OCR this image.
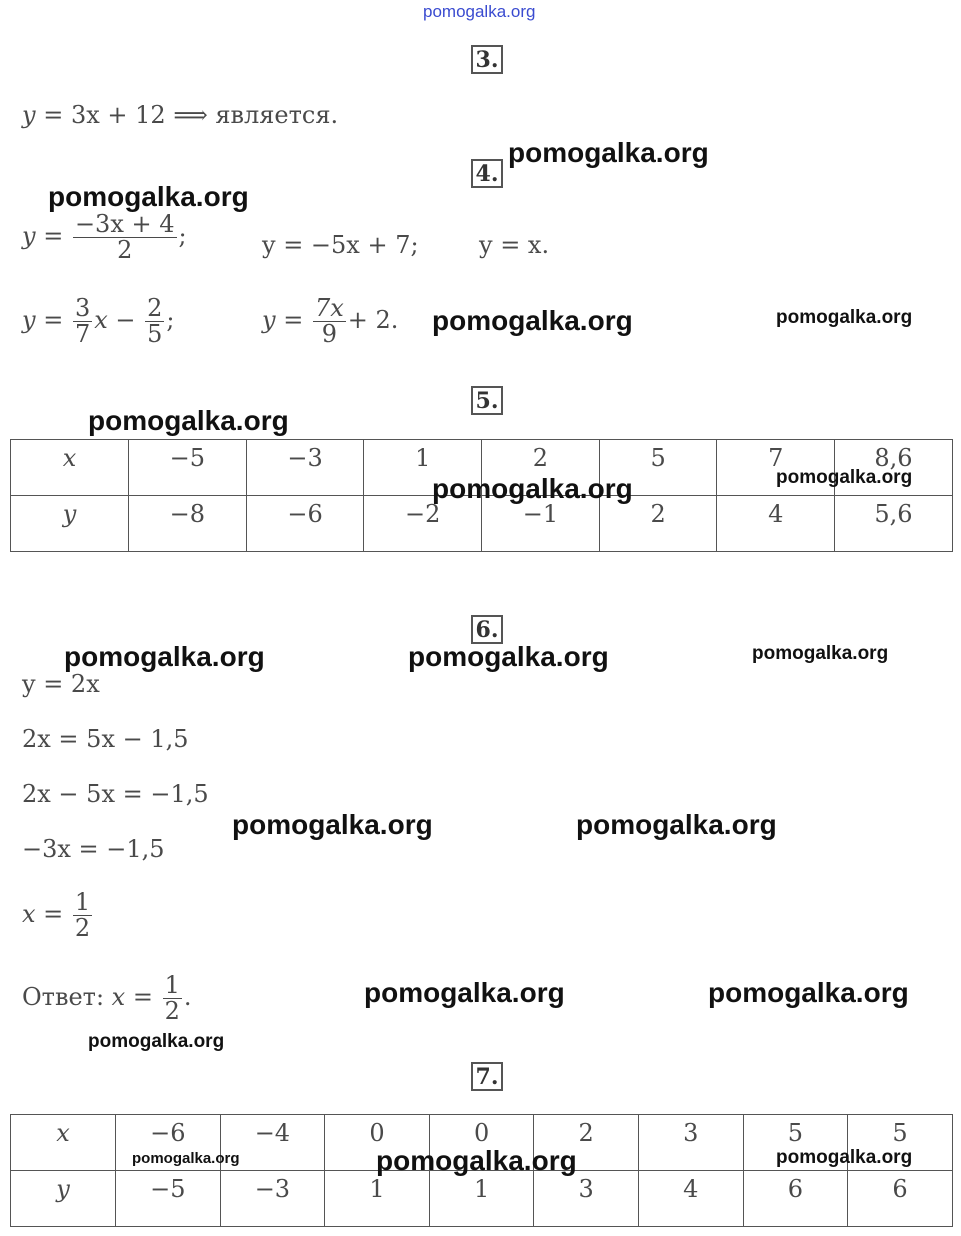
pomogalka.org
3.
y = 3x + 12 ⟹ является.
4.
$y = \frac{-3x + 4}{2}$ ;	y = −5x + 7;	y = x.
$y = \frac{3}{7}$ $x - \frac{2}{5}$ ;	$y = \frac{7x}{9} + 2$.
5.
x	−5	−3	1	2	5	7	8,6
y	−8	−6	−2	−1	2	4	5,6
6.
y = 2x
2x = 5x − 1,5
2x − 5x = −1,5
−3x = −1,5
$x = \frac{1}{2}$
Ответ: $x = \frac{1}{2}$ .
7.
x	−6	−4	0	0	2	3	5	5
y	−5	−3	1	1	3	4	6	6
pomogalka.org
pomogalka.org
pomogalka.org	pomogalka.org
pomogalka.org
pomogalka.org	pomogalka.org
pomogalka.org	pomogalka.org	pomogalka.org
pomogalka.org	pomogalka.org
pomogalka.org	pomogalka.org
pomogalka.org
pomogalka.org	pomogalka.org	pomogalka.org
